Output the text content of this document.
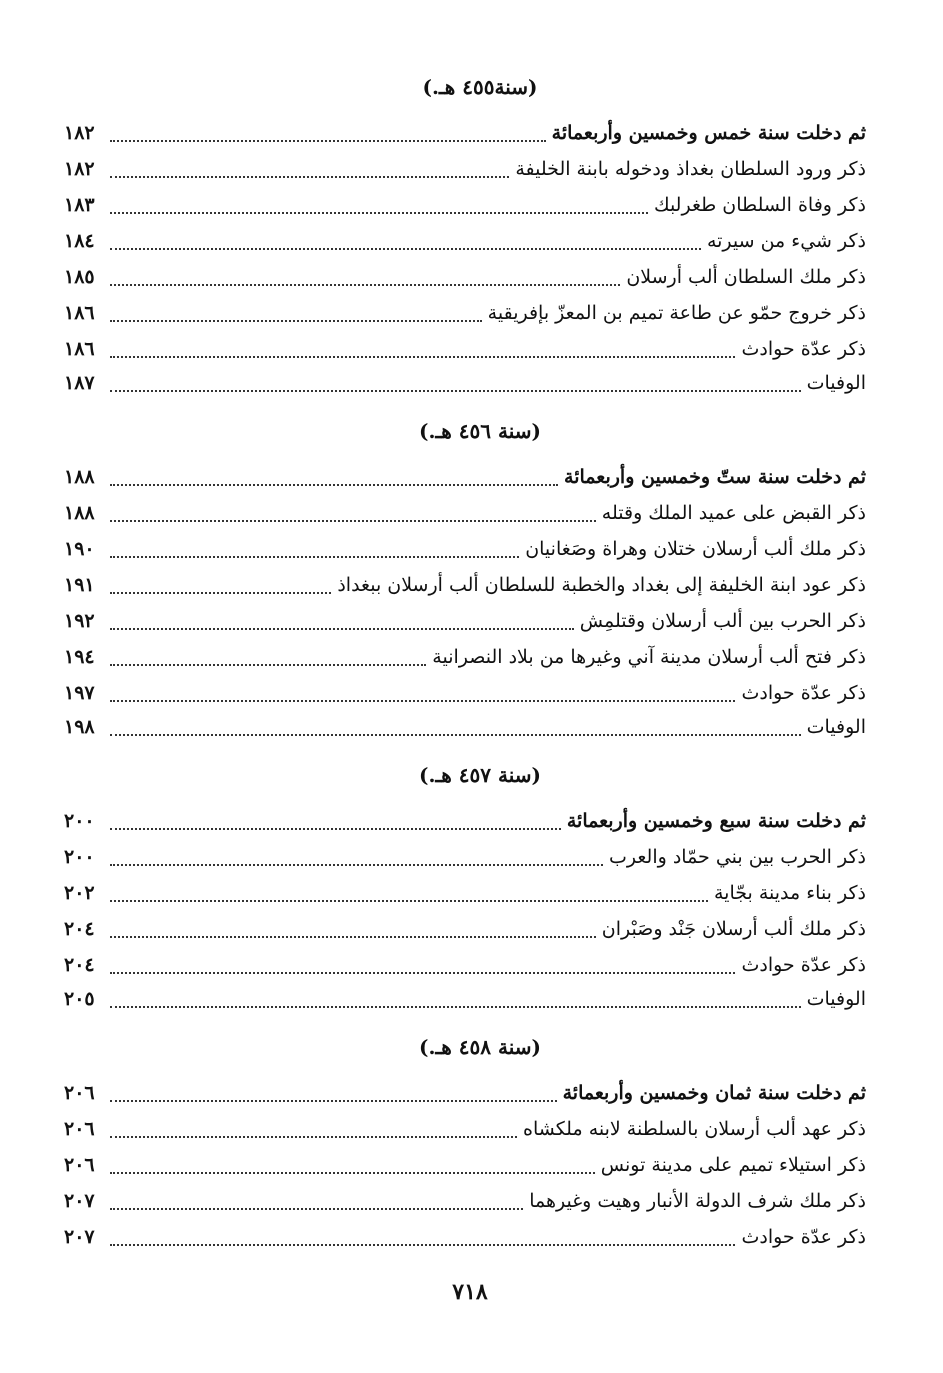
(سنة٤٥٥ هـ.)
ثم دخلت سنة خمس وخمسين وأربعمائة
١٨٢
ذكر ورود السلطان بغداذ ودخوله بابنة الخليفة
١٨٢
ذكر وفاة السلطان طغرلبك
١٨٣
ذكر شيء من سيرته
١٨٤
ذكر ملك السلطان ألب أرسلان
١٨٥
ذكر خروج حمّو عن طاعة تميم بن المعزّ بإفريقية
١٨٦
ذكر عدّة حوادث
١٨٦
الوفيات
١٨٧
(سنة ٤٥٦ هـ.)
ثم دخلت سنة ستّ وخمسين وأربعمائة
١٨٨
ذكر القبض على عميد الملك وقتله
١٨٨
ذكر ملك ألب أرسلان ختلان وهراة وصَغانيان
١٩٠
ذكر عود ابنة الخليفة إلى بغداد والخطبة للسلطان ألب أرسلان ببغداذ
١٩١
ذكر الحرب بين ألب أرسلان وقتلمِش
١٩٢
ذكر فتح ألب أرسلان مدينة آني وغيرها من بلاد النصرانية
١٩٤
ذكر عدّة حوادث
١٩٧
الوفيات
١٩٨
(سنة ٤٥٧ هـ.)
ثم دخلت سنة سبع وخمسين وأربعمائة
٢٠٠
ذكر الحرب بين بني حمّاد والعرب
٢٠٠
ذكر بناء مدينة بجّاية
٢٠٢
ذكر ملك ألب أرسلان جَنْد وصَبْران
٢٠٤
ذكر عدّة حوادث
٢٠٤
الوفيات
٢٠٥
(سنة ٤٥٨ هـ.)
ثم دخلت سنة ثمان وخمسين وأربعمائة
٢٠٦
ذكر عهد ألب أرسلان بالسلطنة لابنه ملكشاه
٢٠٦
ذكر استيلاء تميم على مدينة تونس
٢٠٦
ذكر ملك شرف الدولة الأنبار وهيت وغيرهما
٢٠٧
ذكر عدّة حوادث
٢٠٧
٧١٨
